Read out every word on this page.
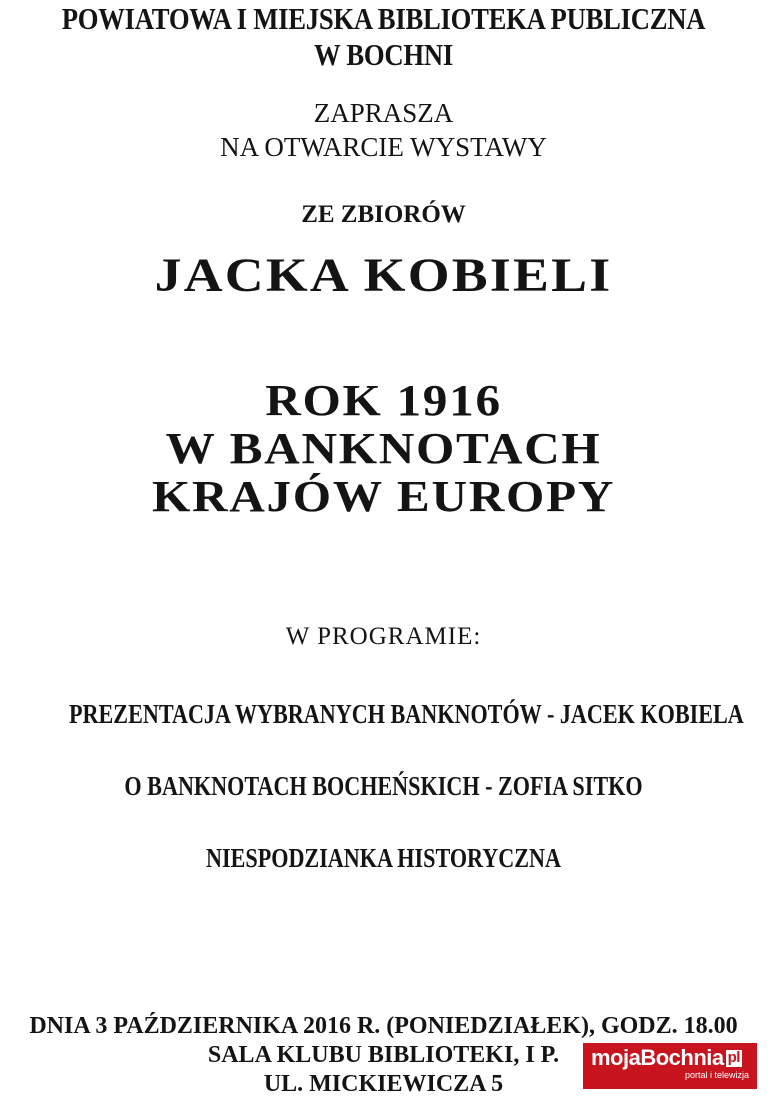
POWIATOWA I MIEJSKA BIBLIOTEKA PUBLICZNA
W BOCHNI
ZAPRASZA
NA OTWARCIE WYSTAWY
ZE ZBIORÓW
JACKA KOBIELI
ROK 1916
W BANKNOTACH
KRAJÓW EUROPY
W PROGRAMIE:
PREZENTACJA WYBRANYCH BANKNOTÓW - JACEK KOBIELA
O BANKNOTACH BOCHEŃSKICH - ZOFIA SITKO
NIESPODZIANKA HISTORYCZNA
DNIA 3 PAŹDZIERNIKA 2016 R. (PONIEDZIAŁEK), GODZ. 18.00
SALA KLUBU BIBLIOTEKI, I P.
UL. MICKIEWICZA 5
mojaBochnia pl
portal i telewizja
